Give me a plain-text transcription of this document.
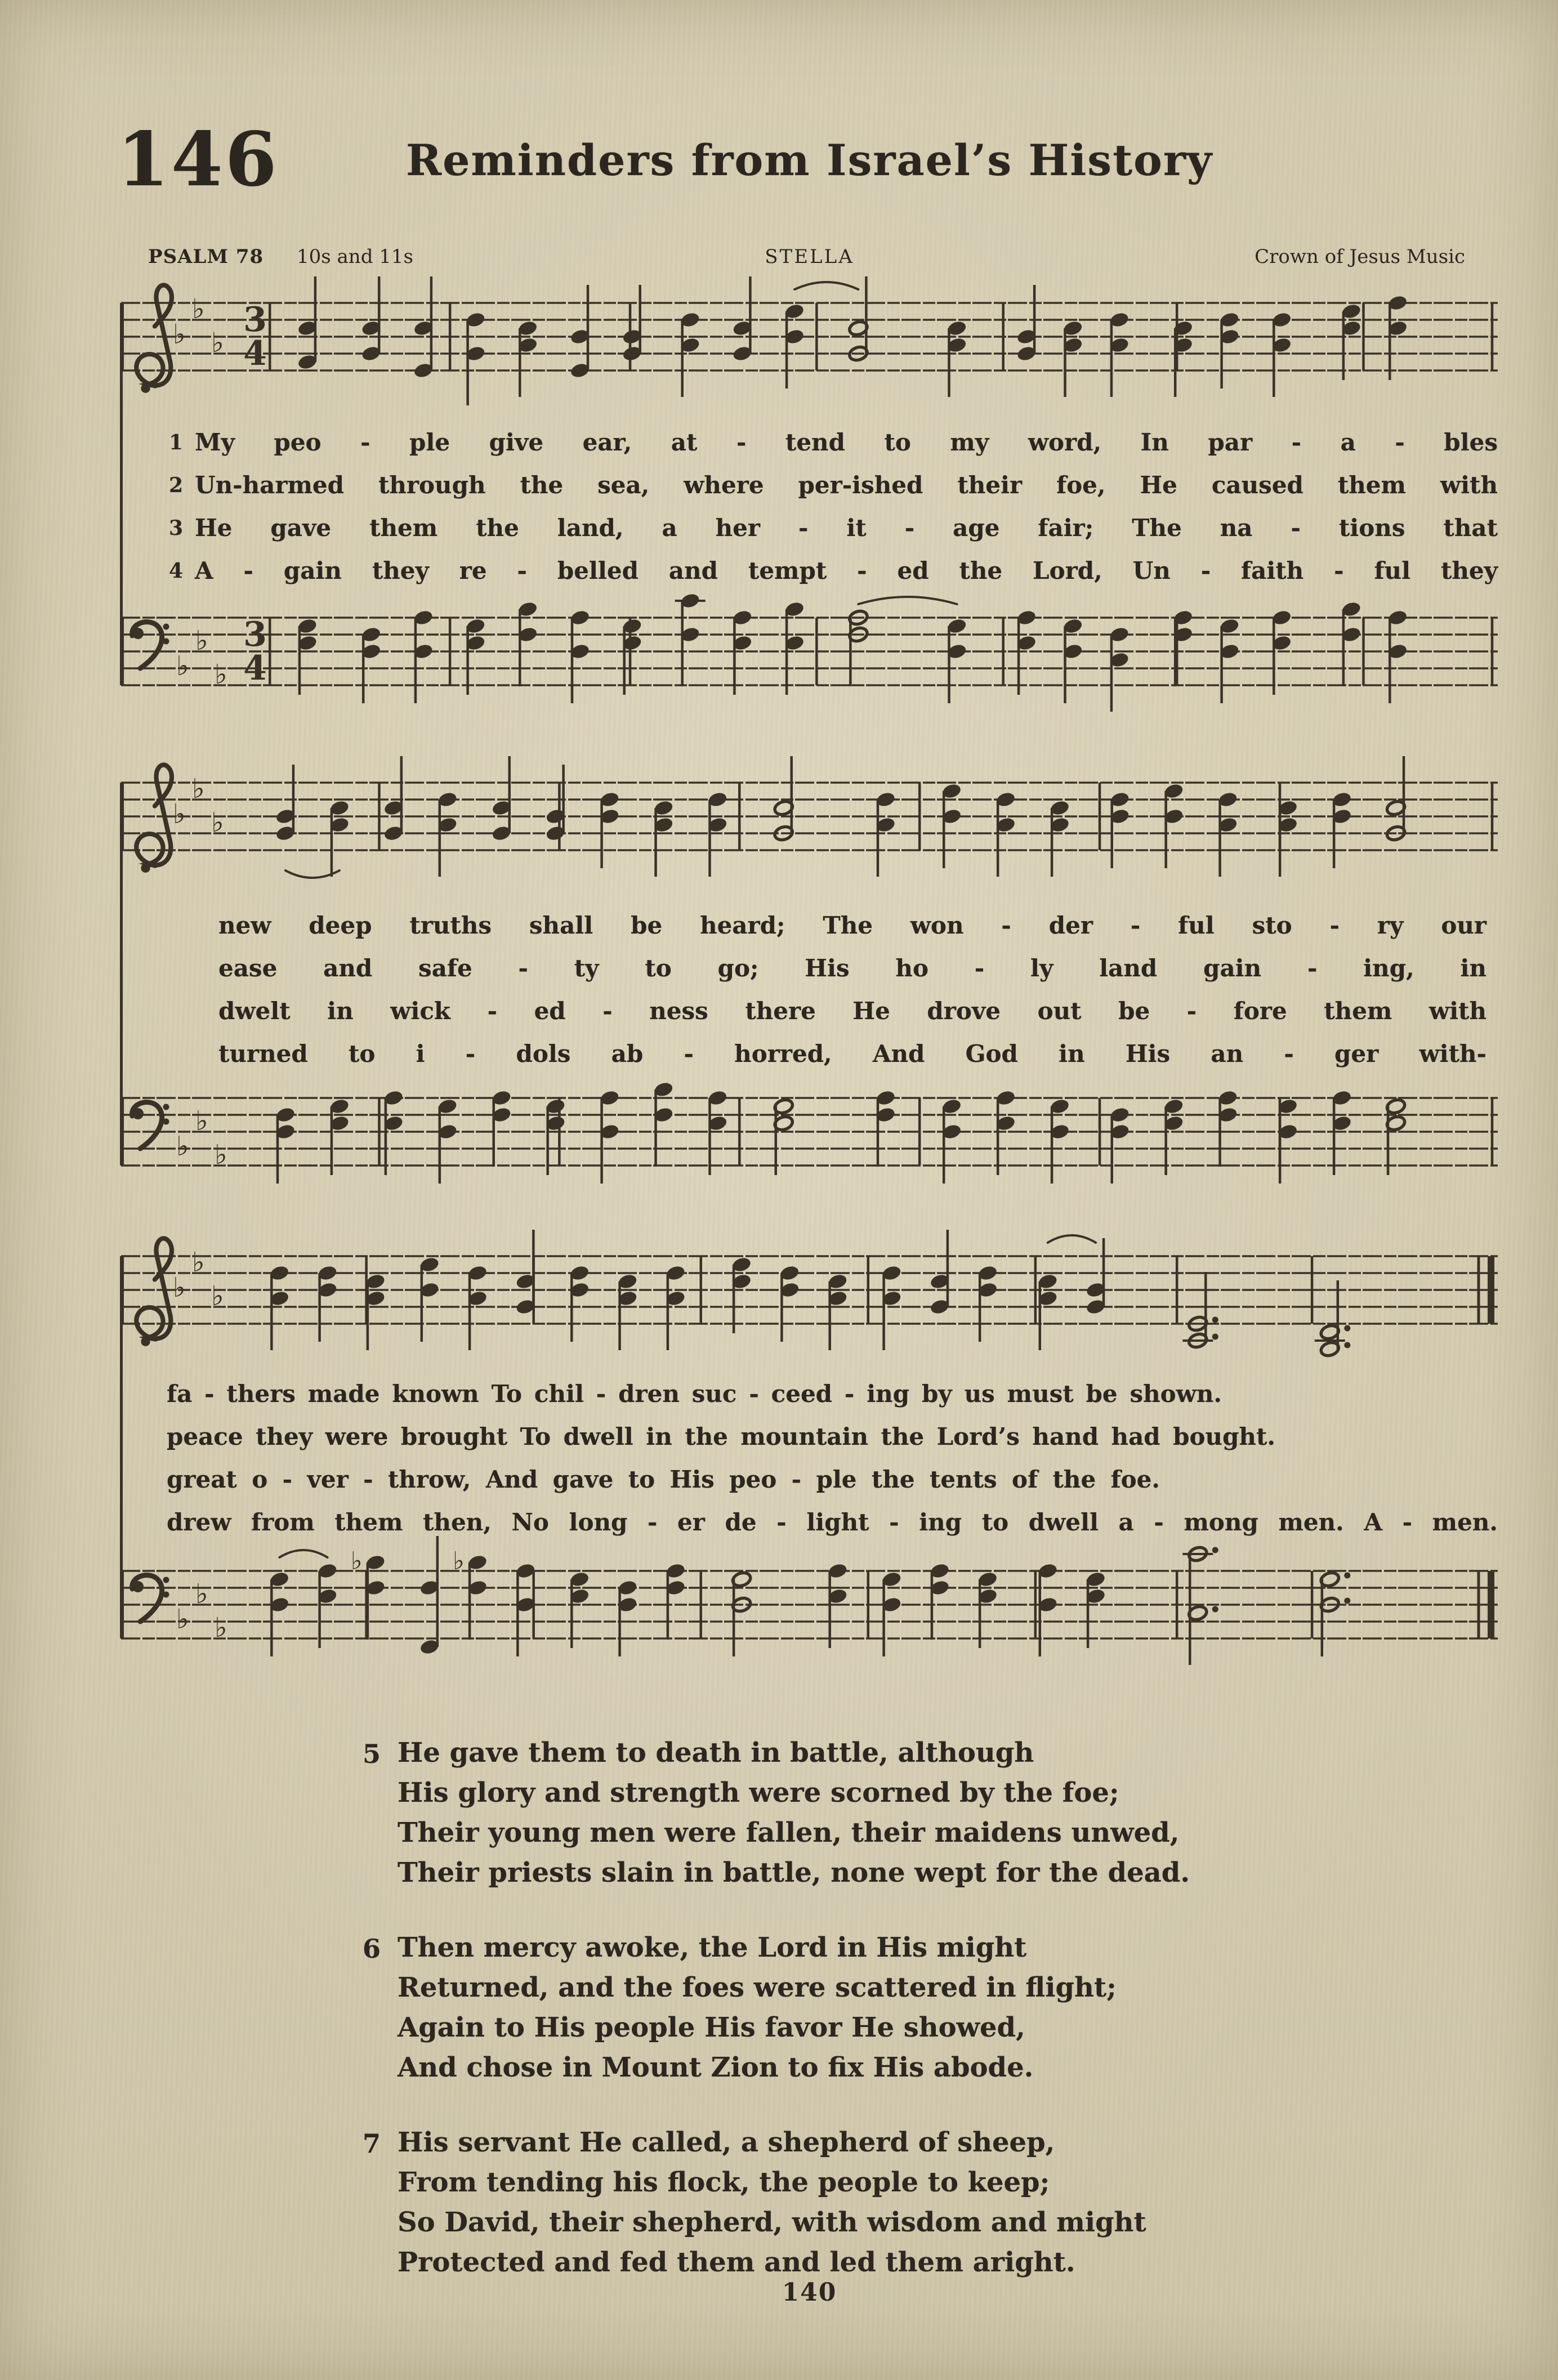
146	Reminders from Israel’s History
PSALM 78 10s and 11s	STELLA	Crown of Jesus Music
♭
♭
♭
3
4
♭
♭
♭
3
4
♭
♭
♭
♭
♭
♭
♭
♭
♭
♭
♭
♭
♭	♭
1 My peo - ple give ear, at - tend to my word, In par - a - bles
2 Un-harmed through the sea, where per-ished their foe, He caused them with
3 He gave them the land, a her - it - age fair; The na - tions that
4 A - gain they re - belled and tempt - ed the Lord, Un - faith - ful they
new deep truths shall be heard; The won - der - ful sto - ry our
ease and safe - ty to go; His ho - ly land gain - ing, in
dwelt in wick - ed - ness there He drove out be - fore them with
turned to i - dols ab - horred, And God in His an - ger with-
fa - thers made known To chil - dren suc - ceed - ing by us must be shown.
peace they were brought To dwell in the mountain the Lord’s hand had bought.
great o - ver - throw, And gave to His peo - ple the tents of the foe.
drew from them then, No long - er de - light - ing to dwell a - mong men. A - men.
5 He gave them to death in battle, although
His glory and strength were scorned by the foe;
Their young men were fallen, their maidens unwed,
Their priests slain in battle, none wept for the dead.
6 Then mercy awoke, the Lord in His might
Returned, and the foes were scattered in flight;
Again to His people His favor He showed,
And chose in Mount Zion to fix His abode.
7 His servant He called, a shepherd of sheep,
From tending his flock, the people to keep;
So David, their shepherd, with wisdom and might
Protected and fed them and led them aright.
140
